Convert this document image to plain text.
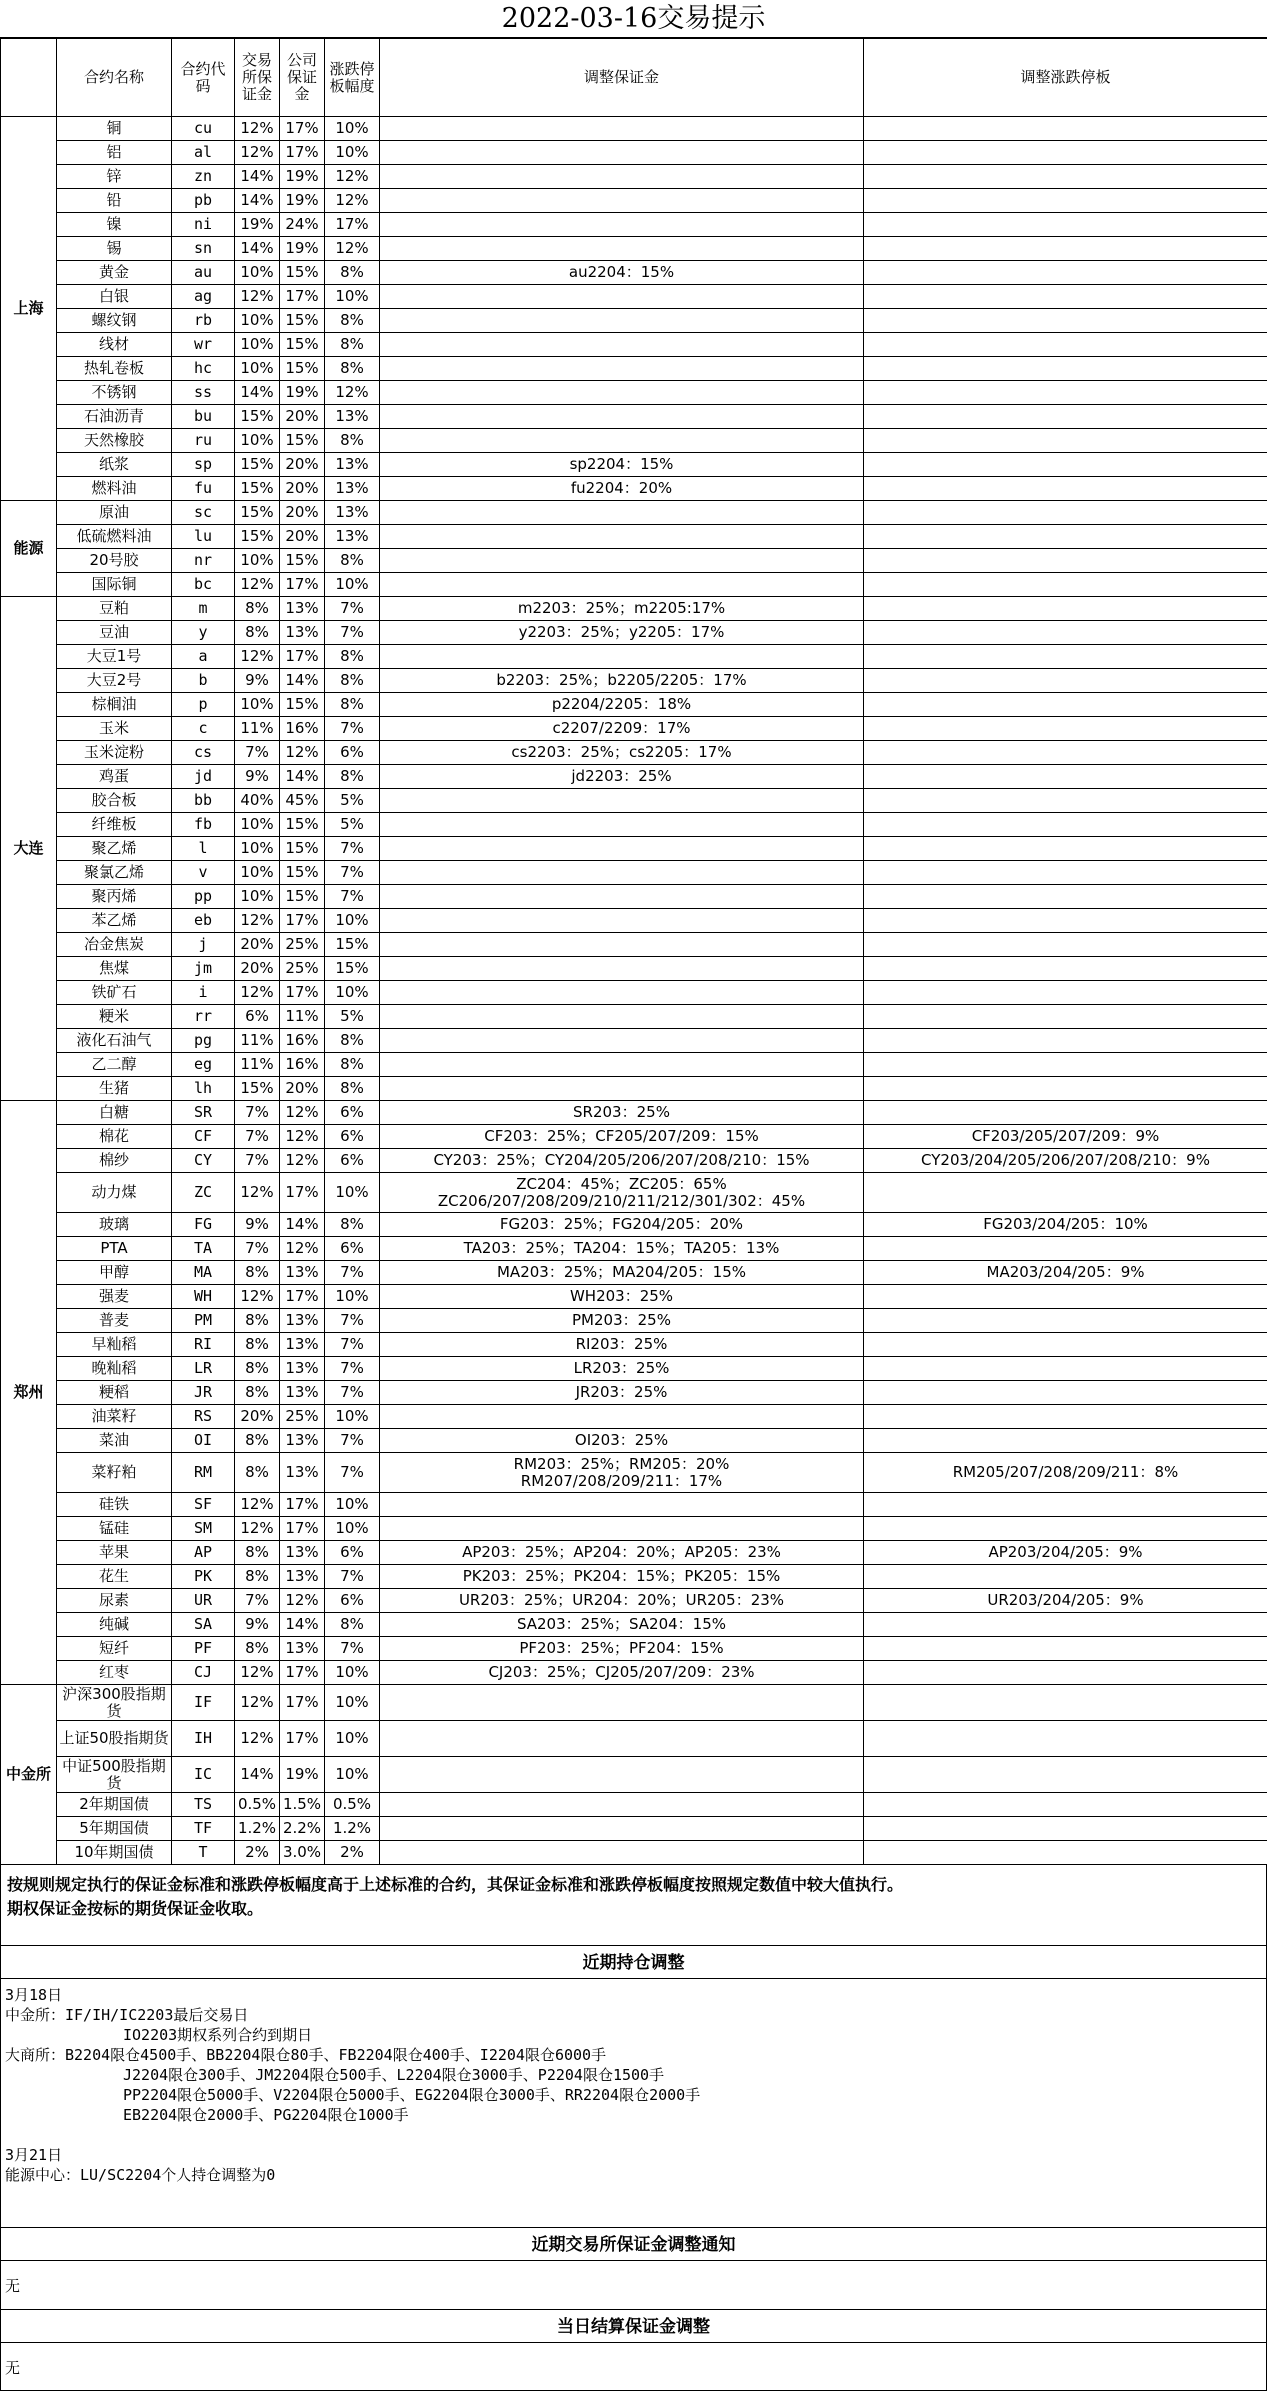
2022-03-16交易提示
	合约名称	合约代码	交易所保证金	公司保证金	涨跌停板幅度	调整保证金	调整涨跌停板
上海	铜	cu	12%	17%	10%		
	铝	al	12%	17%	10%		
	锌	zn	14%	19%	12%		
	铅	pb	14%	19%	12%		
	镍	ni	19%	24%	17%		
	锡	sn	14%	19%	12%		
	黄金	au	10%	15%	8%	au2204：15%	
	白银	ag	12%	17%	10%		
	螺纹钢	rb	10%	15%	8%		
	线材	wr	10%	15%	8%		
	热轧卷板	hc	10%	15%	8%		
	不锈钢	ss	14%	19%	12%		
	石油沥青	bu	15%	20%	13%		
	天然橡胶	ru	10%	15%	8%		
	纸浆	sp	15%	20%	13%	sp2204：15%	
	燃料油	fu	15%	20%	13%	fu2204：20%	
能源	原油	sc	15%	20%	13%		
	低硫燃料油	lu	15%	20%	13%		
	20号胶	nr	10%	15%	8%		
	国际铜	bc	12%	17%	10%		
大连	豆粕	m	8%	13%	7%	m2203：25%；m2205:17%	
	豆油	y	8%	13%	7%	y2203：25%；y2205：17%	
	大豆1号	a	12%	17%	8%		
	大豆2号	b	9%	14%	8%	b2203：25%；b2205/2205：17%	
	棕榈油	p	10%	15%	8%	p2204/2205：18%	
	玉米	c	11%	16%	7%	c2207/2209：17%	
	玉米淀粉	cs	7%	12%	6%	cs2203：25%；cs2205：17%	
	鸡蛋	jd	9%	14%	8%	jd2203：25%	
	胶合板	bb	40%	45%	5%		
	纤维板	fb	10%	15%	5%		
	聚乙烯	l	10%	15%	7%		
	聚氯乙烯	v	10%	15%	7%		
	聚丙烯	pp	10%	15%	7%		
	苯乙烯	eb	12%	17%	10%		
	冶金焦炭	j	20%	25%	15%		
	焦煤	jm	20%	25%	15%		
	铁矿石	i	12%	17%	10%		
	粳米	rr	6%	11%	5%		
	液化石油气	pg	11%	16%	8%		
	乙二醇	eg	11%	16%	8%		
	生猪	lh	15%	20%	8%		
郑州	白糖	SR	7%	12%	6%	SR203：25%	
	棉花	CF	7%	12%	6%	CF203：25%；CF205/207/209：15%	CF203/205/207/209：9%
	棉纱	CY	7%	12%	6%	CY203：25%；CY204/205/206/207/208/210：15%	CY203/204/205/206/207/208/210：9%
	动力煤	ZC	12%	17%	10%	ZC204：45%；ZC205：65%
ZC206/207/208/209/210/211/212/301/302：45%	

	玻璃	FG	9%	14%	8%	FG203：25%；FG204/205：20%	FG203/204/205：10%
	PTA	TA	7%	12%	6%	TA203：25%；TA204：15%；TA205：13%	
	甲醇	MA	8%	13%	7%	MA203：25%；MA204/205：15%	MA203/204/205：9%
	强麦	WH	12%	17%	10%	WH203：25%	
	普麦	PM	8%	13%	7%	PM203：25%	
	早籼稻	RI	8%	13%	7%	RI203：25%	
	晚籼稻	LR	8%	13%	7%	LR203：25%	
	粳稻	JR	8%	13%	7%	JR203：25%	
	油菜籽	RS	20%	25%	10%		
	菜油	OI	8%	13%	7%	OI203：25%	
	菜籽粕	RM	8%	13%	7%	RM203：25%；RM205：20%
RM207/208/209/211：17%	RM205/207/208/209/211：8%
	硅铁	SF	12%	17%	10%		
	锰硅	SM	12%	17%	10%		
	苹果	AP	8%	13%	6%	AP203：25%；AP204：20%；AP205：23%	AP203/204/205：9%
	花生	PK	8%	13%	7%	PK203：25%；PK204：15%；PK205：15%	
	尿素	UR	7%	12%	6%	UR203：25%；UR204：20%；UR205：23%	UR203/204/205：9%
	纯碱	SA	9%	14%	8%	SA203：25%；SA204：15%	
	短纤	PF	8%	13%	7%	PF203：25%；PF204：15%	
	红枣	CJ	12%	17%	10%	CJ203：25%；CJ205/207/209：23%	
中金所	沪深300股指期货	IF	12%	17%	10%		
	上证50股指期货	IH	12%	17%	10%		
	中证500股指期货	IC	14%	19%	10%		
	2年期国债	TS	0.5%	1.5%	0.5%		
	5年期国债	TF	1.2%	2.2%	1.2%		
	10年期国债	T	2%	3.0%	2%		
按规则规定执行的保证金标准和涨跌停板幅度高于上述标准的合约，其保证金标准和涨跌停板幅度按照规定数值中较大值执行。
期权保证金按标的期货保证金收取。
近期持仓调整
3月18日
中金所：IF/IH/IC2203最后交易日
IO2203期权系列合约到期日
大商所：B2204限仓4500手、BB2204限仓80手、FB2204限仓400手、I2204限仓6000手
J2204限仓300手、JM2204限仓500手、L2204限仓3000手、P2204限仓1500手
PP2204限仓5000手、V2204限仓5000手、EG2204限仓3000手、RR2204限仓2000手
EB2204限仓2000手、PG2204限仓1000手
3月21日
能源中心：LU/SC2204个人持仓调整为0
近期交易所保证金调整通知
无
当日结算保证金调整
无
